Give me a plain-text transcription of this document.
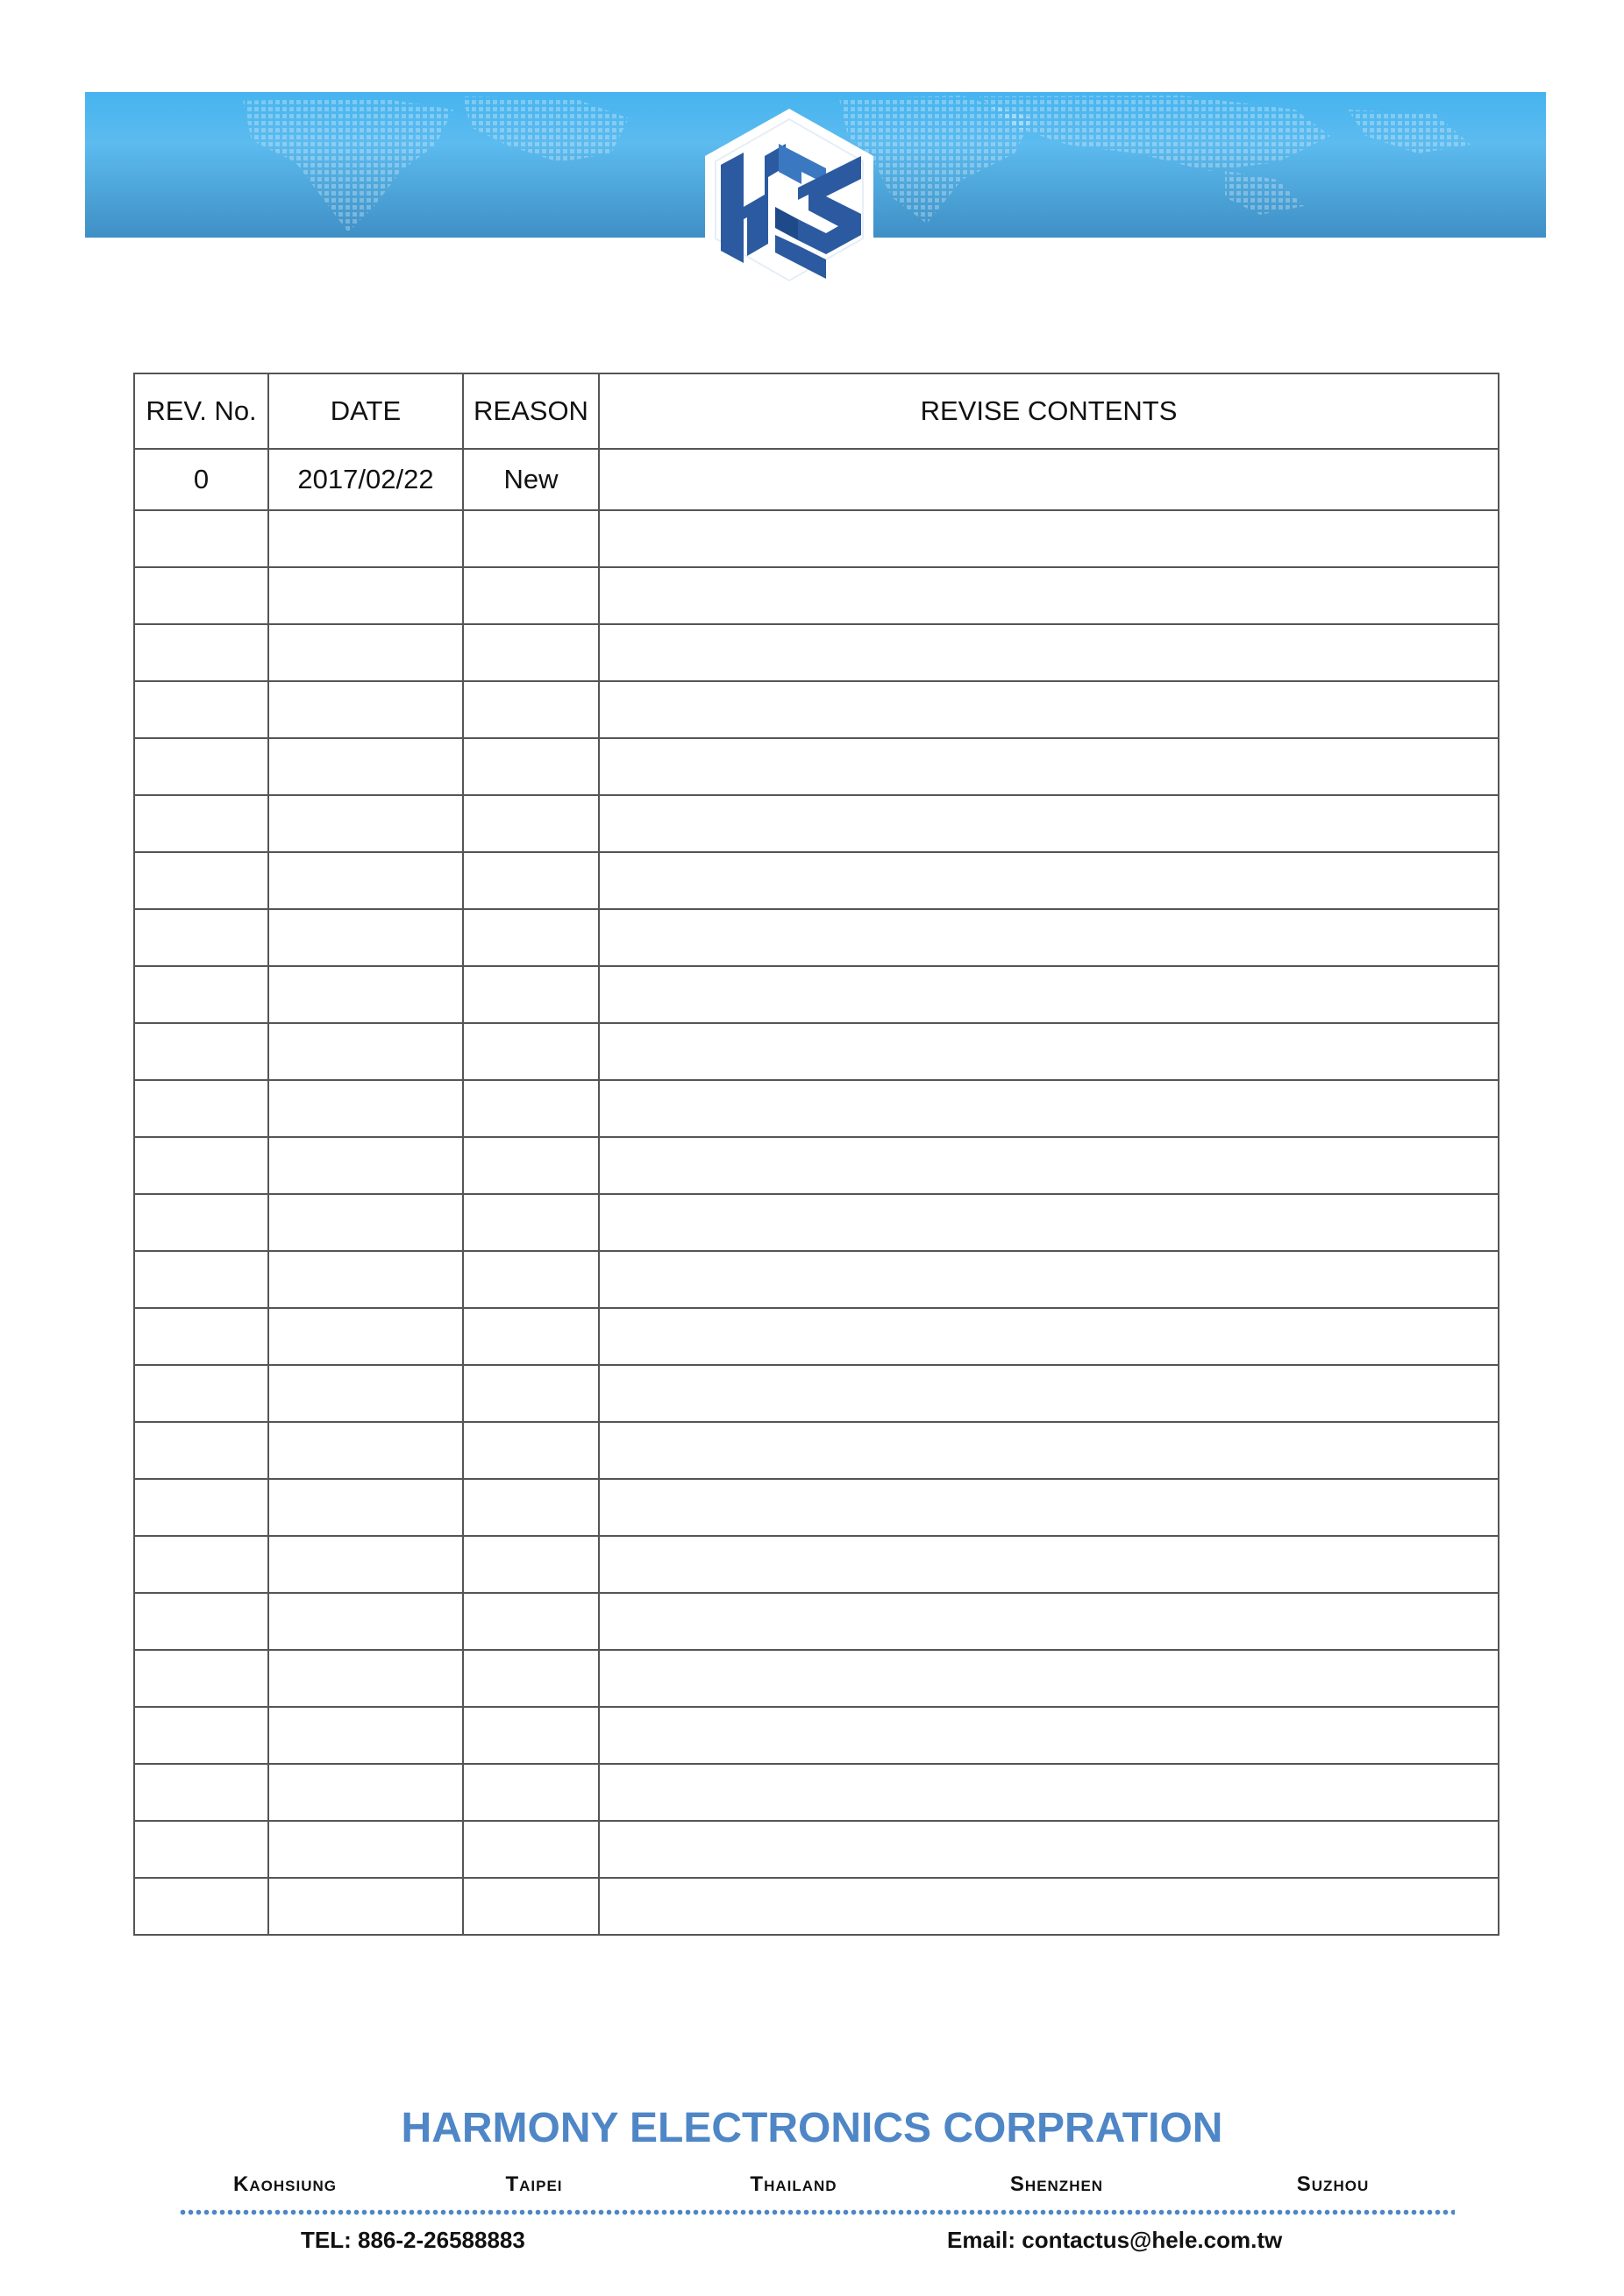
REV. No.	DATE	REASON	REVISE CONTENTS
0	2017/02/22	New	

HARMONY ELECTRONICS CORPRATION
Kaohsiung	Taipei	Thailand	Shenzhen	Suzhou
TEL: 886-2-26588883	Email: contactus@hele.com.tw
